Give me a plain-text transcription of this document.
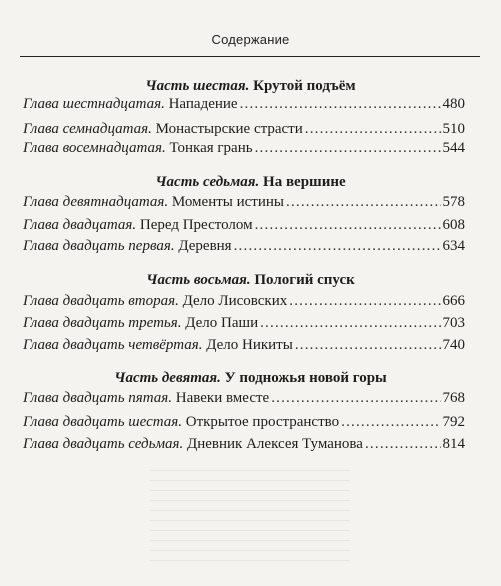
Содержание
Часть шестая. Крутой подъём
Глава шестнадцатая.
Нападение .....	480
Глава семнадцатая.
Монастырские страсти .....	510
Глава восемнадцатая.
Тонкая грань .....	544
Часть седьмая. На вершине
Глава девятнадцатая.
Моменты истины .....	578
Глава двадцатая.
Перед Престолом .....	608
Глава двадцать первая.
Деревня .....	634
Часть восьмая. Пологий спуск
Глава двадцать вторая.
Дело Лисовских .....	666
Глава двадцать третья.
Дело Паши .....	703
Глава двадцать четвёртая.
Дело Никиты .....	740
Часть девятая. У подножья новой горы
Глава двадцать пятая.
Навеки вместе .....	768
Глава двадцать шестая.
Открытое пространство .....	792
Глава двадцать седьмая.
Дневник Алексея Туманова .....	814
